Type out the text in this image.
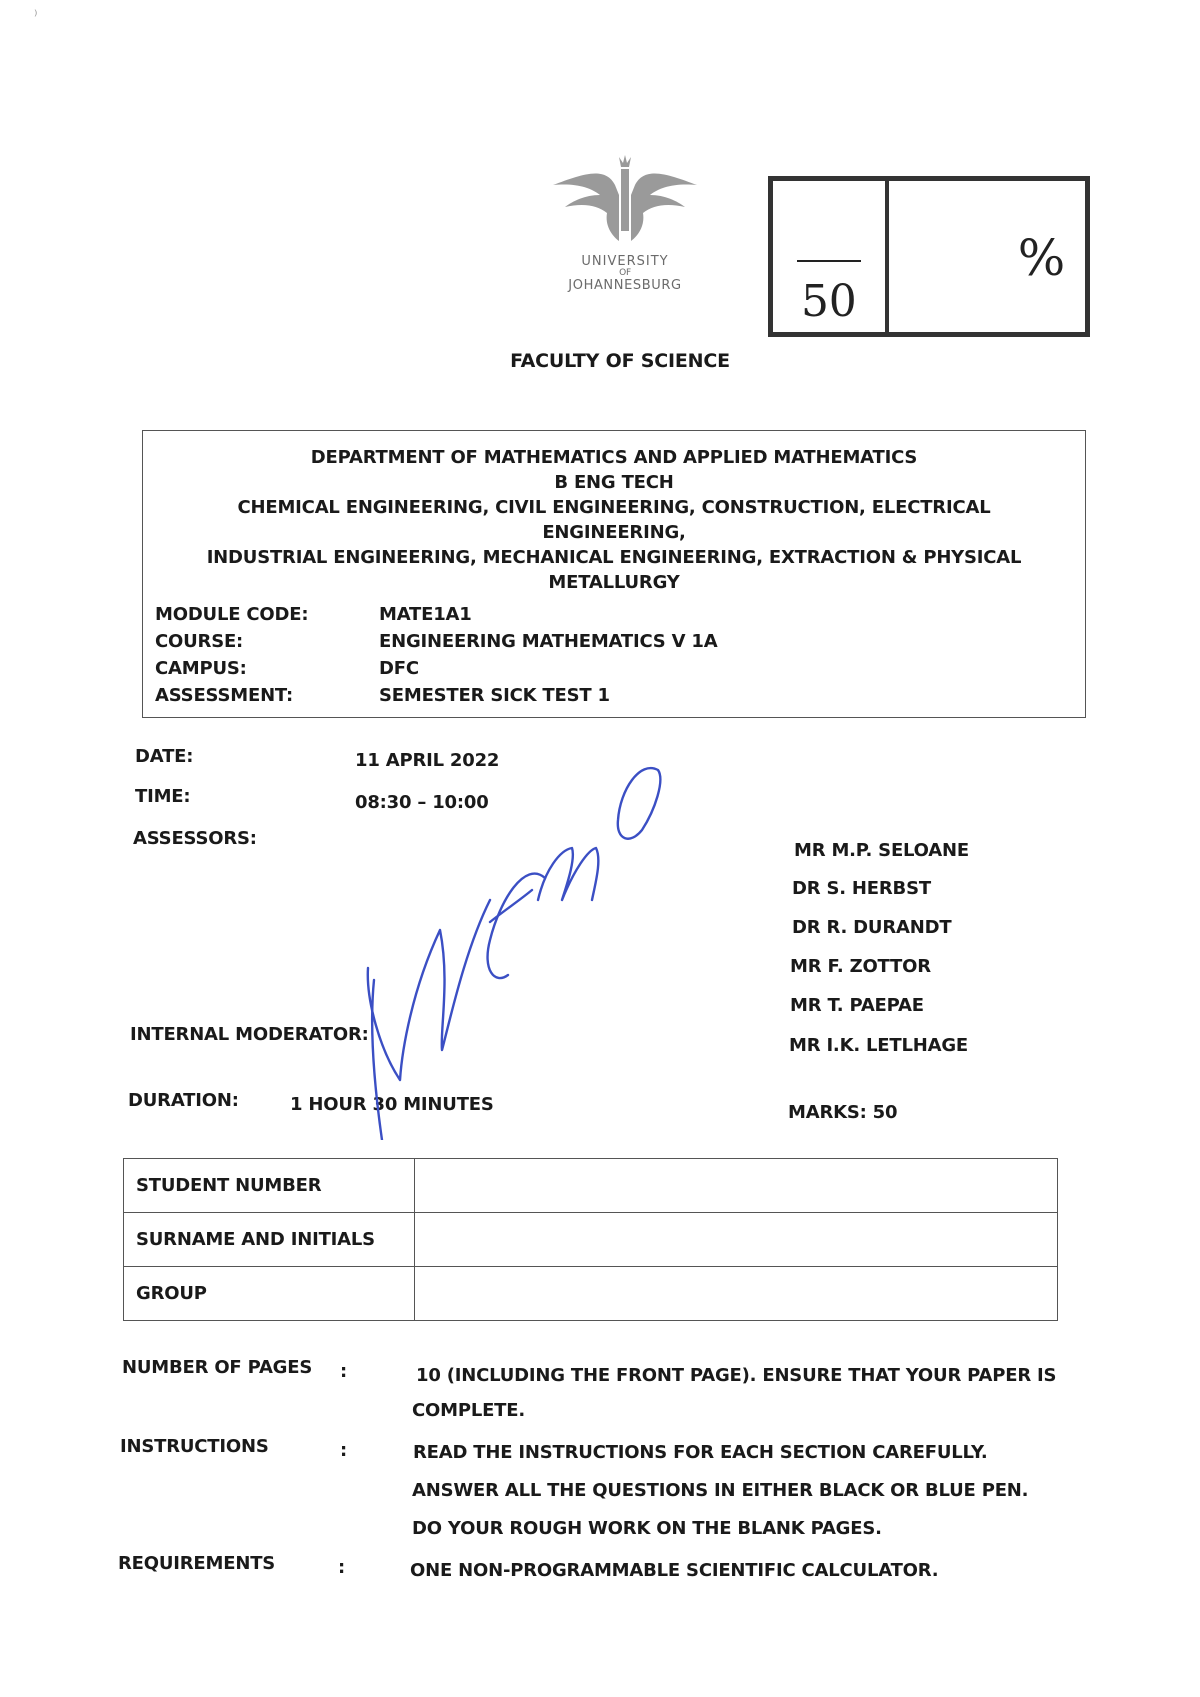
⁾
UNIVERSITY
OF
JOHANNESBURG	50
%
FACULTY OF SCIENCE
DEPARTMENT OF MATHEMATICS AND APPLIED MATHEMATICS
B ENG TECH
CHEMICAL ENGINEERING, CIVIL ENGINEERING, CONSTRUCTION, ELECTRICAL ENGINEERING,
INDUSTRIAL ENGINEERING, MECHANICAL ENGINEERING, EXTRACTION & PHYSICAL
METALLURGY
MODULE CODE:	MATE1A1
COURSE:	ENGINEERING MATHEMATICS V 1A
CAMPUS:	DFC
ASSESSMENT:	SEMESTER SICK TEST 1
DATE:	11 APRIL 2022
TIME:	08:30 – 10:00
ASSESSORS:
MR M.P. SELOANE
DR S. HERBST
DR R. DURANDT
MR F. ZOTTOR
MR T. PAEPAE
INTERNAL MODERATOR:
MR I.K. LETLHAGE
DURATION:	1 HOUR 30 MINUTES	MARKS: 50
STUDENT NUMBER	
SURNAME AND INITIALS	
GROUP	
NUMBER OF PAGES :	10 (INCLUDING THE FRONT PAGE). ENSURE THAT YOUR PAPER IS
COMPLETE.
INSTRUCTIONS	:	READ THE INSTRUCTIONS FOR EACH SECTION CAREFULLY.
ANSWER ALL THE QUESTIONS IN EITHER BLACK OR BLUE PEN.
DO YOUR ROUGH WORK ON THE BLANK PAGES.
REQUIREMENTS	:	ONE NON-PROGRAMMABLE SCIENTIFIC CALCULATOR.
